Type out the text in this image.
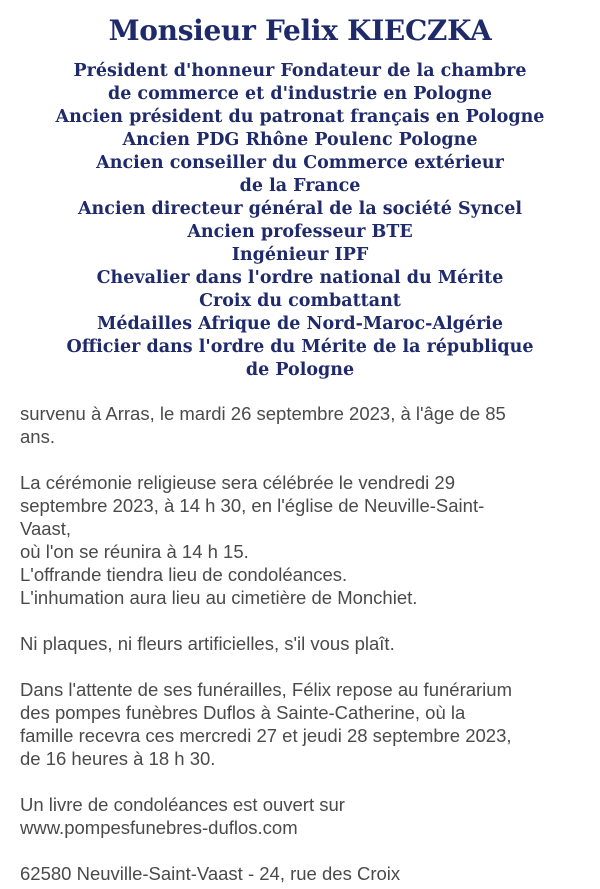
Monsieur Felix KIECZKA
Président d'honneur Fondateur de la chambre
de commerce et d'industrie en Pologne
Ancien président du patronat français en Pologne
Ancien PDG Rhône Poulenc Pologne
Ancien conseiller du Commerce extérieur
de la France
Ancien directeur général de la société Syncel
Ancien professeur BTE
Ingénieur IPF
Chevalier dans l'ordre national du Mérite
Croix du combattant
Médailles Afrique de Nord-Maroc-Algérie
Officier dans l'ordre du Mérite de la république
de Pologne

survenu à Arras, le mardi 26 septembre 2023, à l'âge de 85
ans.

La cérémonie religieuse sera célébrée le vendredi 29
septembre 2023, à 14 h 30, en l'église de Neuville-Saint-
Vaast,
où l'on se réunira à 14 h 15.
L'offrande tiendra lieu de condoléances.
L'inhumation aura lieu au cimetière de Monchiet.

Ni plaques, ni fleurs artificielles, s'il vous plaît.

Dans l'attente de ses funérailles, Félix repose au funérarium
des pompes funèbres Duflos à Sainte-Catherine, où la
famille recevra ces mercredi 27 et jeudi 28 septembre 2023,
de 16 heures à 18 h 30.

Un livre de condoléances est ouvert sur
www.pompesfunebres-duflos.com

62580 Neuville-Saint-Vaast - 24, rue des Croix
